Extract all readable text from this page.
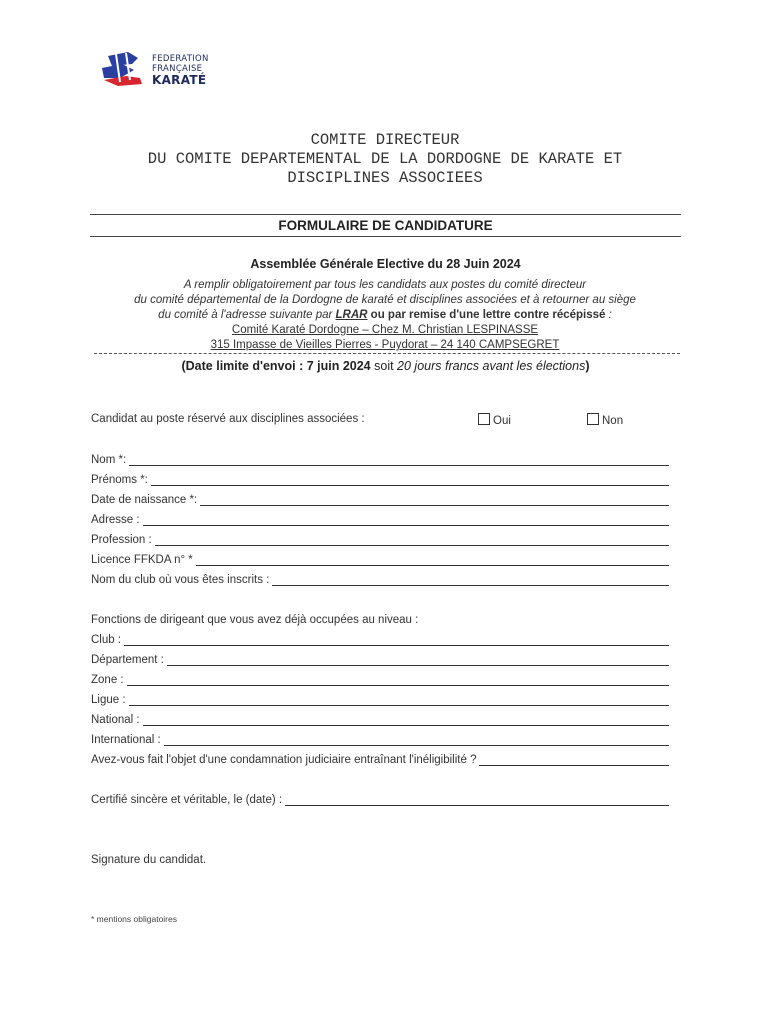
FEDERATION
FRANÇAISE
KARATÉ
COMITE DIRECTEUR
DU COMITE DEPARTEMENTAL DE LA DORDOGNE DE KARATE ET
DISCIPLINES ASSOCIEES
FORMULAIRE DE CANDIDATURE
Assemblée Générale Elective du 28 Juin 2024
A remplir obligatoirement par tous les candidats aux postes du comité directeur
du comité départemental de la Dordogne de karaté et disciplines associées et à retourner au siège
du comité à l'adresse suivante par LRAR ou par remise d'une lettre contre récépissé :
Comité Karaté Dordogne – Chez M. Christian LESPINASSE
315 Impasse de Vieilles Pierres - Puydorat – 24 140 CAMPSEGRET
(Date limite d'envoi : 7 juin 2024 soit 20 jours francs avant les élections)
Candidat au poste réservé aux disciplines associées :	Oui	Non
Nom *:
Prénoms *:
Date de naissance *:
Adresse :
Profession :
Licence FFKDA n° *
Nom du club où vous êtes inscrits :
Fonctions de dirigeant que vous avez déjà occupées au niveau :
Club :
Département :
Zone :
Ligue :
National :
International :
Avez-vous fait l'objet d'une condamnation judiciaire entraînant l'inéligibilité ?
Certifié sincère et véritable, le (date) :
Signature du candidat.
* mentions obligatoires
